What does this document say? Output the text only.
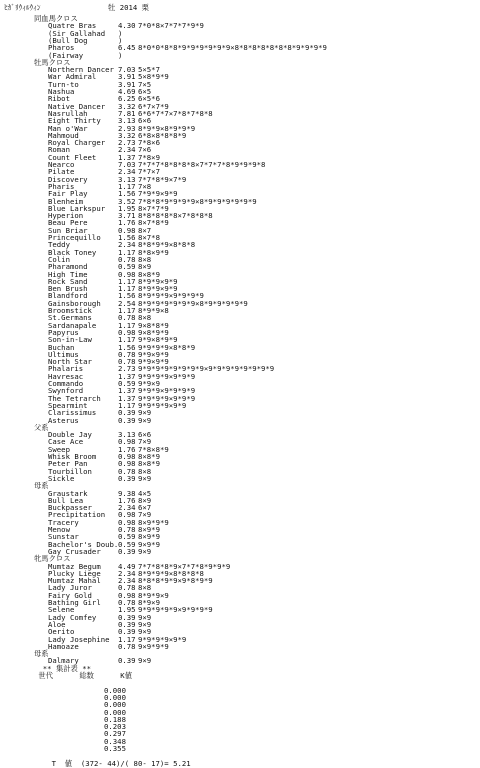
ﾋｶﾞﾘｳｨﾙｳｨﾝ

	牡 2014 栗

同血馬クロス
Quatre Bras	4.30 7*0*8×7*7*7*9*9
(Sir Gallahad )
(Bull Dog	)
Pharos	6.45 8*0*0*8*8*9*9*9*9*9*9×8*8*8*8*8*8*8*9*9*9*9
(Fairway	)
牡馬クロス
Northern Dancer 7.03 5×5*7
War Admiral	3.91 5×8*9*9
Turn-to	3.91 7×5
Nashua	4.69 6×5
Ribot	6.25 6×5*6
Native Dancer 3.32 6*7×7*9
Nasrullah	7.81 6*6*7*7×7*8*7*8*8
Eight Thirty 3.13 6×6
Man o'War	2.93 8*9*9×8*9*9*9
Mahmoud	3.32 6*8×8*8*8*9
Royal Charger 2.73 7*8×6
Roman	2.34 7×6
Count Fleet	1.37 7*8×9
Nearco	7.03 7*7*7*8*8*8*8×7*7*7*8*9*9*9*8
Pilate	2.34 7*7×7
Discovery	3.13 7*7*8*9×7*9
Pharis	1.17 7×8
Fair Play	1.56 7*9*9×9*9
Blenheim	3.52 7*8*8*9*9*9*9×8*9*9*9*9*9*9
Blue Larkspur 1.95 8×7*7*9
Hyperion	3.71 8*8*8*8*8×7*8*8*8
Beau Pere	1.76 8×7*8*9
Sun Briar	0.98 8×7
Princequillo 1.56 8×7*8
Teddy	2.34 8*8*9*9×8*8*8
Black Toney	1.17 8*8×9*9
Colin	0.78 8×8
Pharamond	0.59 8×9
High Time	0.98 8×8*9
Rock Sand	1.17 8*9*9×9*9
Ben Brush	1.17 8*9*9×9*9
Blandford	1.56 8*9*9*9×9*9*9*9
Gainsborough 2.54 8*9*9*9*9*9*9×8*9*9*9*9*9
Broomstick	1.17 8*9*9×8
St.Germans	0.78 8×8
Sardanapale	1.17 9×8*8*9
Papyrus	0.98 9×8*9*9
Son-in-Law	1.17 9*9×8*9*9
Buchan	1.56 9*9*9*9×8*8*9
Ultimus	0.78 9*9×9*9
North Star	0.78 9*9×9*9
Phalaris	2.73 9*9*9*9*9*9*9*9×9*9*9*9*9*9*9*9
Havresac	1.37 9*9*9*9×9*9*9
Commando	0.59 9*9×9
Swynford	1.37 9*9*9×9*9*9*9
The Tetrarch 1.37 9*9*9*9×9*9*9
Spearmint	1.17 9*9*9*9×9*9
Clarissimus	0.39 9×9
Asterus	0.39 9×9
父系
Double Jay	3.13 6×6
Case Ace	0.98 7×9
Sweep	1.76 7*8×8*9
Whisk Broom	0.98 8×8*9
Peter Pan	0.98 8×8*9
Tourbillon	0.78 8×8
Sickle	0.39 9×9
母系
Graustark	9.38 4×5
Bull Lea	1.76 8×9
Buckpasser	2.34 6×7
Precipitation 0.98 7×9
Tracery	0.98 8×9*9*9
Menow	0.78 8×9*9
Sunstar	0.59 8×9*9
Bachelor's Doub. 0.59 9×9*9
Gay Crusader 0.39 9×9
牝馬クロス
Mumtaz Begum 4.49 7*7*8*8*9×7*7*8*9*9*9
Plucky Liege 2.34 8*9*9*9×8*8*8*8
Mumtaz Mahal 2.34 8*8*8*9*9×9*8*9*9
Lady Juror	0.78 8×8
Fairy Gold	0.98 8*9*9×9
Bathing Girl 0.78 8*9×9
Selene	1.95 9*9*9*9*9×9*9*9*9
Lady Comfey	0.39 9×9
Aloe	0.39 9×9
Oerito	0.39 9×9
Lady Josephine 1.17 9*9*9*9×9*9
Hamoaze	0.78 9×9*9*9
母系
Dalmary	0.39 9×9
** 集計表 **
世代      総数      K値
0.000
0.000
0.000
0.000
0.188
0.203
0.297
0.348
0.355
T  値  (372- 44)/( 80- 17)= 5.21
